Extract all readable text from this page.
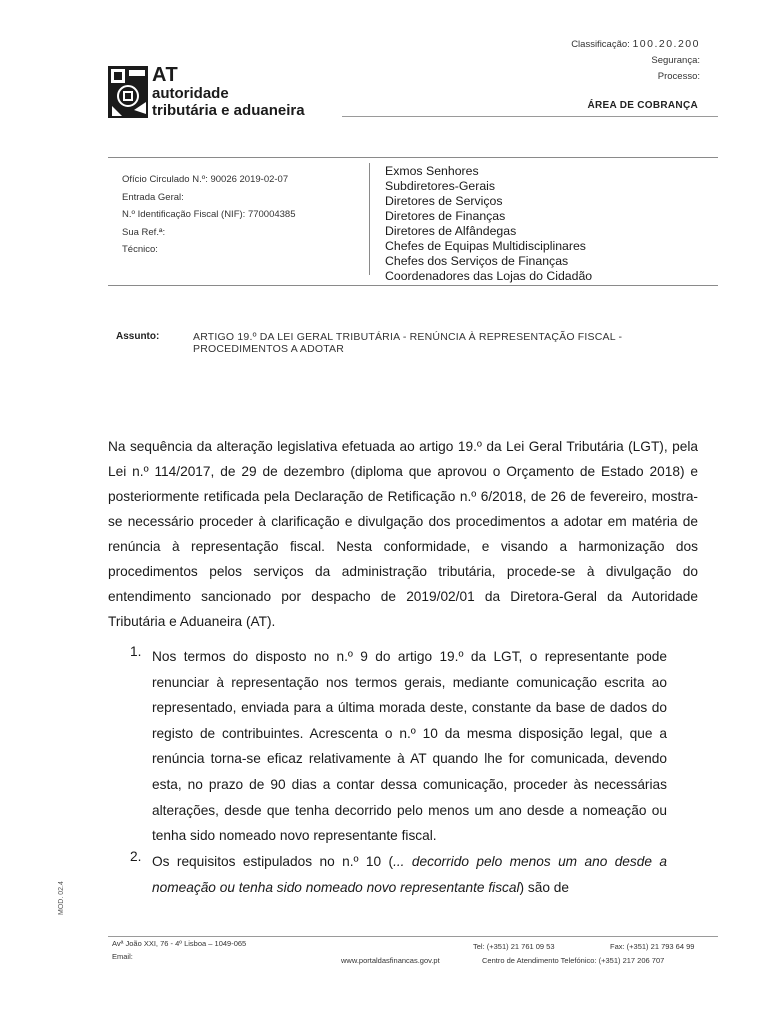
Classificação: 100.20.200
Segurança:
Processo:
ÁREA DE COBRANÇA
AT
autoridade
tributária e aduaneira
Ofício Circulado N.º: 90026 2019-02-07
Entrada Geral:
N.º Identificação Fiscal (NIF): 770004385
Sua Ref.ª:
Técnico:
Exmos Senhores
Subdiretores-Gerais
Diretores de Serviços
Diretores de Finanças
Diretores de Alfândegas
Chefes de Equipas Multidisciplinares
Chefes dos Serviços de Finanças
Coordenadores das Lojas do Cidadão
Assunto:	ARTIGO 19.º DA LEI GERAL TRIBUTÁRIA - RENÚNCIA À REPRESENTAÇÃO FISCAL - PROCEDIMENTOS A ADOTAR
Na sequência da alteração legislativa efetuada ao artigo 19.º da Lei Geral Tributária (LGT), pela Lei n.º 114/2017, de 29 de dezembro (diploma que aprovou o Orçamento de Estado 2018) e posteriormente retificada pela Declaração de Retificação n.º 6/2018, de 26 de fevereiro, mostra-se necessário proceder à clarificação e divulgação dos procedimentos a adotar em matéria de renúncia à representação fiscal. Nesta conformidade, e visando a harmonização dos procedimentos pelos serviços da administração tributária, procede-se à divulgação do entendimento sancionado por despacho de 2019/02/01 da Diretora-Geral da Autoridade Tributária e Aduaneira (AT).
1. Nos termos do disposto no n.º 9 do artigo 19.º da LGT, o representante pode renunciar à representação nos termos gerais, mediante comunicação escrita ao representado, enviada para a última morada deste, constante da base de dados do registo de contribuintes. Acrescenta o n.º 10 da mesma disposição legal, que a renúncia torna-se eficaz relativamente à AT quando lhe for comunicada, devendo esta, no prazo de 90 dias a contar dessa comunicação, proceder às necessárias alterações, desde que tenha decorrido pelo menos um ano desde a nomeação ou tenha sido nomeado novo representante fiscal.
2. Os requisitos estipulados no n.º 10 (... decorrido pelo menos um ano desde a nomeação ou tenha sido nomeado novo representante fiscal) são de
MOD. 02.4
Avª João XXI, 76 - 4º Lisboa – 1049-065
Email:
Tel: (+351) 21 761 09 53	Fax: (+351) 21 793 64 99
www.portaldasfinancas.gov.pt	Centro de Atendimento Telefónico: (+351) 217 206 707
